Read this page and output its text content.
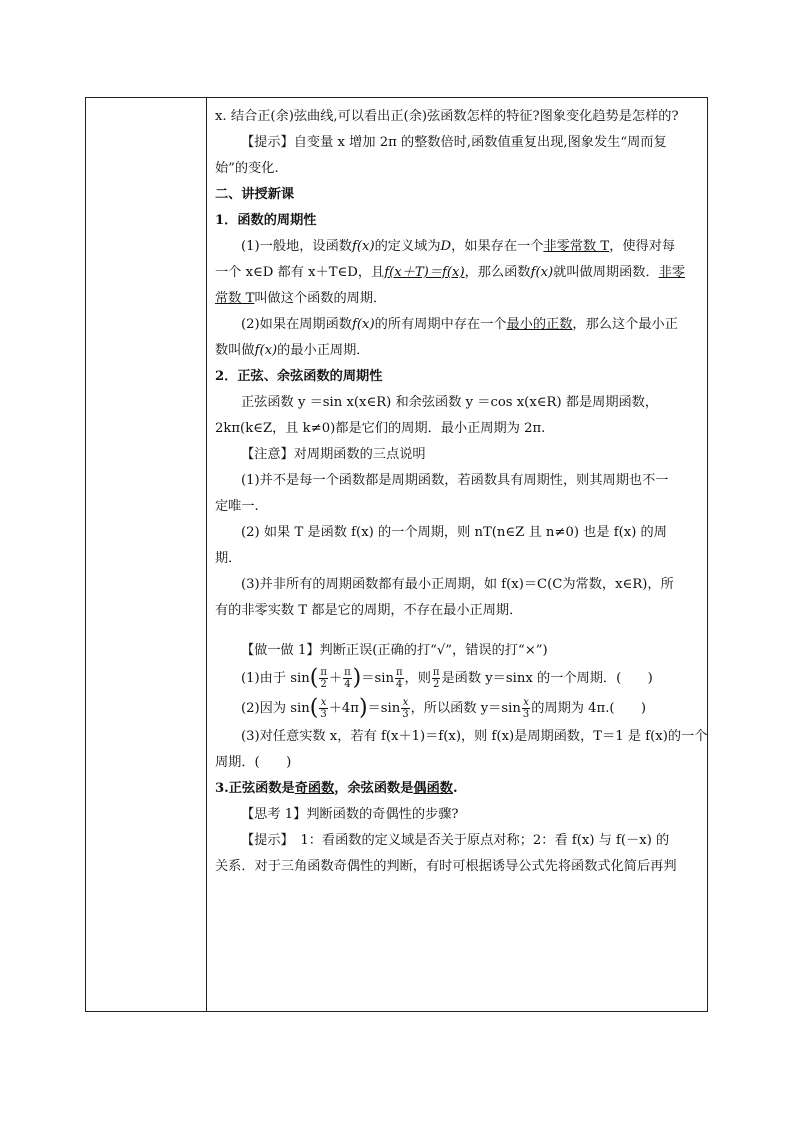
x. 结合正(余)弦曲线,可以看出正(余)弦函数怎样的特征?图象变化趋势是怎样的?
【提示】自变量 x 增加 2π 的整数倍时,函数值重复出现,图象发生“周而复
始”的变化.
二、讲授新课
1．函数的周期性
(1)一般地，设函数f(x)的定义域为D，如果存在一个非零常数 T，使得对每
一个 x∈D 都有 x＋T∈D，且f(x＋T)＝f(x)，那么函数f(x)就叫做周期函数．非零
常数 T叫做这个函数的周期．
(2)如果在周期函数f(x)的所有周期中存在一个最小的正数，那么这个最小正
数叫做f(x)的最小正周期．
2．正弦、余弦函数的周期性
正弦函数 y ＝sin x(x∈R) 和余弦函数 y ＝cos x(x∈R) 都是周期函数，
2kπ(k∈Z，且 k≠0)都是它们的周期．最小正周期为 2π.
【注意】对周期函数的三点说明
(1)并不是每一个函数都是周期函数，若函数具有周期性，则其周期也不一
定唯一.
(2) 如果 T 是函数 f(x) 的一个周期，则 nT(n∈Z 且 n≠0) 也是 f(x) 的周
期．
(3)并非所有的周期函数都有最小正周期，如 f(x)＝C(C为常数，x∈R)，所
有的非零实数 T 都是它的周期，不存在最小正周期．
【做一做 1】判断正误(正确的打“√”，错误的打“×”)
(1)由于 $\sin( \frac{\pi}{2} + \frac{\pi}{4} )=\sin \frac{\pi}{4}$ ，则 $\frac{\pi}{2}$ 是函数 y＝sinx 的一个周期．(　　)
(2)因为 $\sin( \frac{x}{3} +4\pi)=\sin \frac{x}{3}$ ，所以函数 $y=\sin \frac{x}{3}$ 的周期为 4π.(　　)
(3)对任意实数 x，若有 f(x＋1)＝f(x)，则 f(x)是周期函数，T＝1 是 f(x)的一个
周期．(　　)
3.正弦函数是奇函数，余弦函数是偶函数.
【思考 1】判断函数的奇偶性的步骤?
【提示】　1：看函数的定义域是否关于原点对称；2：看 f(x) 与 f(－x) 的
关系．对于三角函数奇偶性的判断，有时可根据诱导公式先将函数式化简后再判
